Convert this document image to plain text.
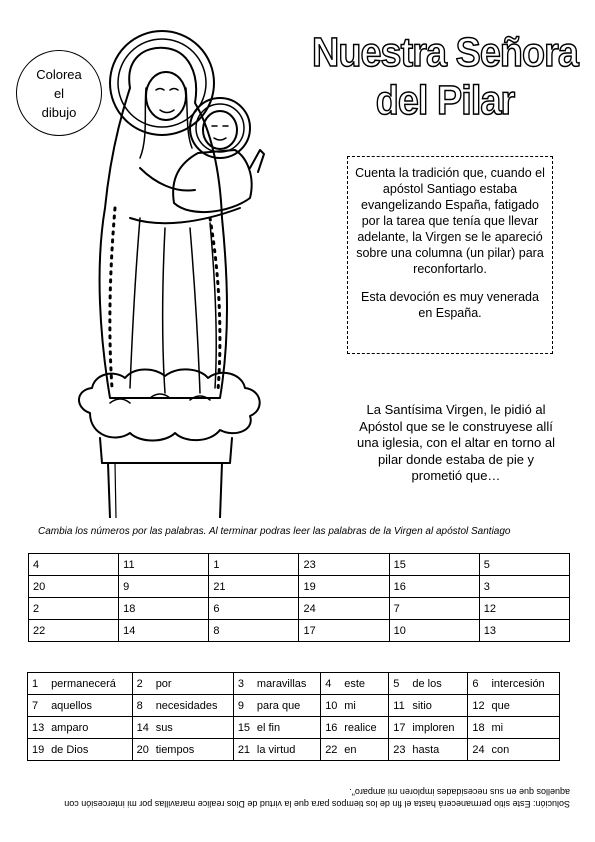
Colorea
el
dibujo
Nuestra Señora
del Pilar

Cuenta la tradición que, cuando el apóstol Santiago estaba evangelizando España, fatigado por la tarea que tenía que llevar adelante, la Virgen se le apareció sobre una columna (un pilar) para reconfortarlo.

Esta devoción es muy venerada en España.

La Santísima Virgen, le pidió al Apóstol que se le construyese allí una iglesia, con el altar en torno al pilar donde estaba de pie y prometió que…
Cambia los números por las palabras. Al terminar podras leer las palabras de la Virgen al apóstol Santiago
4	11	1	23	15	5
20	9	21	19	16	3
2	18	6	24	7	12
22	14	8	17	10	13
1 permanecerá	2 por	3 maravillas	4 este	5 de los	6 intercesión
7 aquellos	8 necesidades	9 para que	10 mi	11 sitio	12 que
13 amparo	14 sus	15 el fin	16 realice	17 imploren	18 mi
19 de Dios	20 tiempos	21 la virtud	22 en	23 hasta	24 con
Solución: Este sitio permanecerá hasta el fin de los tiempos para que la virtud de Dios realice maravillas por mi intercesión con aquellos que en sus necesidades imploren mi amparo".
